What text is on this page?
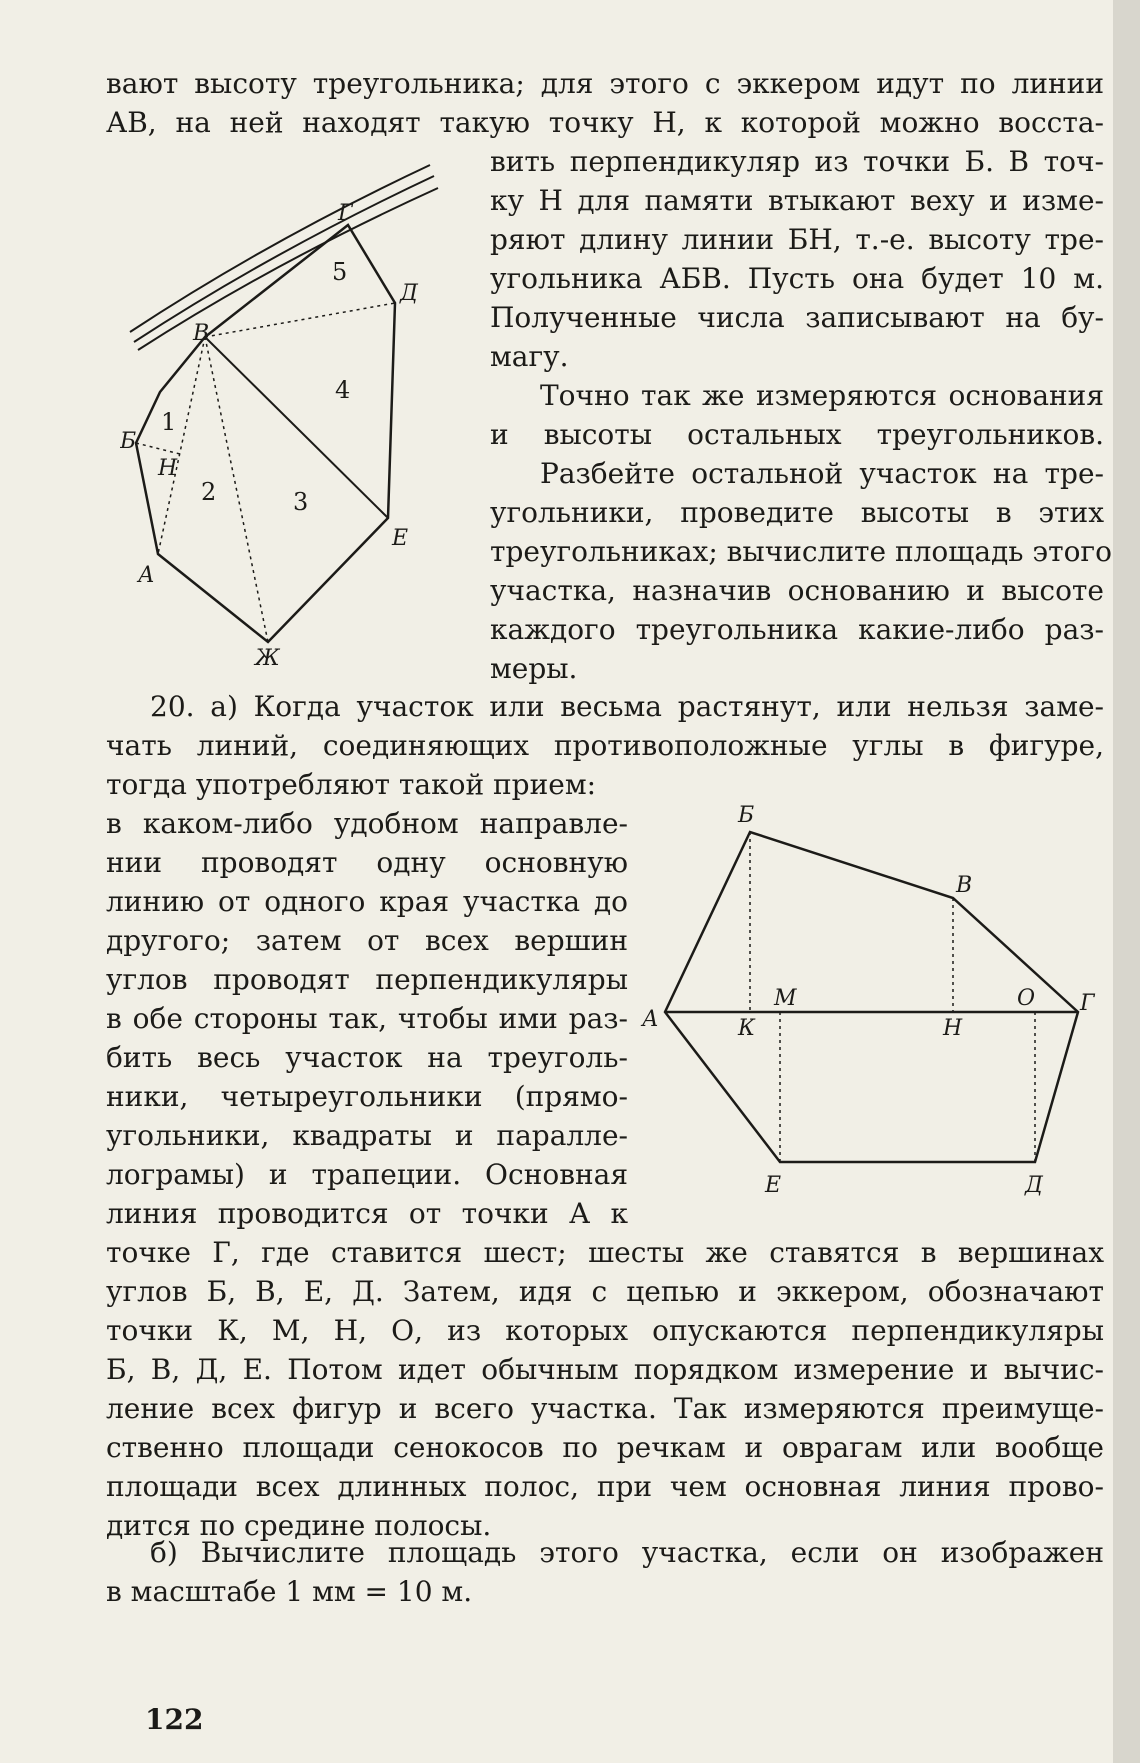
вают высоту треугольника; для этого с эккером идут по линии
АВ, на ней находят такую точку Н, к которой можно восста-
вить перпендикуляр из точки Б. В точ-
ку Н для памяти втыкают веху и изме-
ряют длину линии БН, т.-е. высоту тре-
угольника АБВ. Пусть она будет 10 м.
Полученные числа записывают на бу-
магу.
Точно так же измеряются основания
и высоты остальных треугольников.
Разбейте остальной участок на тре-
угольники, проведите высоты в этих
треугольниках; вычислите площадь этого
участка, назначив основанию и высоте
каждого треугольника какие-либо раз-
меры.
20. а) Когда участок или весьма растянут, или нельзя заме-
чать линий, соединяющих противоположные углы в фигуре,
тогда употребляют такой прием:
в каком-либо удобном направле-
нии проводят одну основную
линию от одного края участка до
другого; затем от всех вершин
углов проводят перпендикуляры
в обе стороны так, чтобы ими раз-
бить весь участок на треуголь-
ники, четыреугольники (прямо-
угольники, квадраты и паралле-
лограмы) и трапеции. Основная
линия проводится от точки А к
точке Г, где ставится шест; шесты же ставятся в вершинах
углов Б, В, Е, Д. Затем, идя с цепью и эккером, обозначают
точки К, М, Н, О, из которых опускаются перпендикуляры
Б, В, Д, Е. Потом идет обычным порядком измерение и вычис-
ление всех фигур и всего участка. Так измеряются преимуще-
ственно площади сенокосов по речкам и оврагам или вообще
площади всех длинных полос, при чем основная линия прово-
дится по средине полосы.
б) Вычислите площадь этого участка, если он изображен
в масштабе 1 мм = 10 м.
122
Г
Д
В
Б
Н
А
Е
Ж
5
4
1
2	3
Б
В
М	О Г
А	К	Н
Е	Д
